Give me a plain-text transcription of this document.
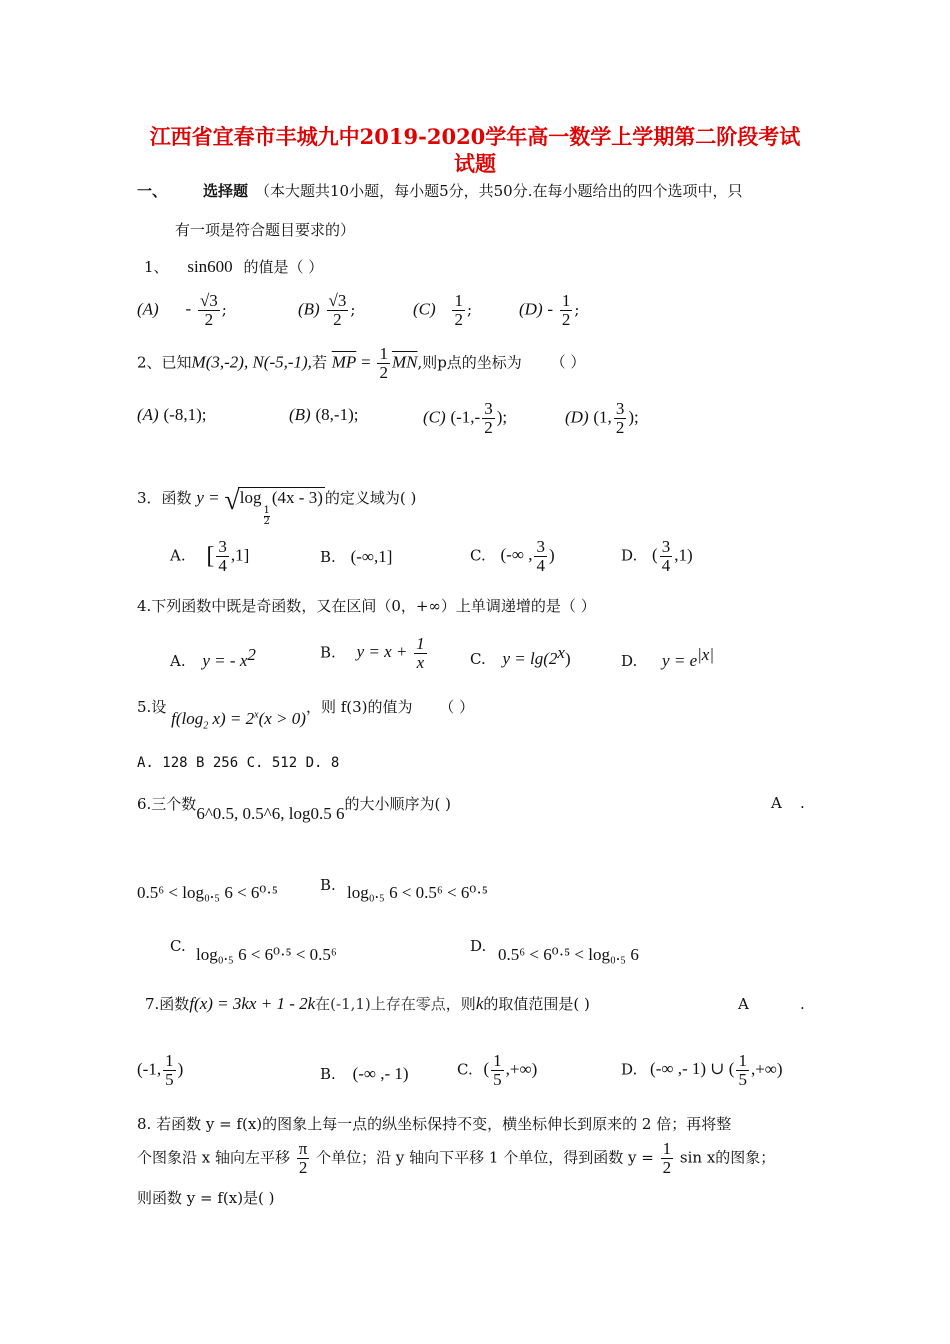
江西省宜春市丰城九中2019-2020学年高一数学上学期第二阶段考试
试题
一、 选择题 （本大题共10小题，每小题5分，共50分.在每小题给出的四个选项中，只
有一项是符合题目要求的）
1、 sin600 的值是（ ）
$(A) - \frac{√3}{2}$ ;	$(B) \frac{√3}{2}$ ;	$(C) \frac{1}{2}$ ;	$(D) - \frac{1}{2}$ ;
2、已知M(3,-2), N(-5,-1),若 $\overline{MP} = \frac{1}{2} \overline{MN}$,则p点的坐标为 （ ）
(A) (-8,1);	(B) (8,-1);	(C) ($-1,- \frac{3}{2}$ );	(D) (1, $\frac{3}{2}$ );
3．函数 y = √log
$\frac{1}{2}$
(4x - 3) 的定义域为( )
A. [ $\frac{3}{4} ,1$]	B. (-∞,1]	C. (-∞ , $\frac{3}{4}$ )	D. ( $\frac{3}{4} ,1$)
4.下列函数中既是奇函数，又在区间（0，+∞）上单调递增的是（ ）
A. y = - $x^2$	B. $y = x + \frac{1}{x}$	C. $y = \lg(2^x)$	D. $y = e^{|x|}$
5.设 $f(\log_2$ $x) = 2^x(x > 0)$，则 f(3)的值为 （ ）
A. 128 B 256 C. 512 D. 8
6.三个数6^0.5, 0.5^6, log0.5 6的大小顺序为( )	A .
0.5⁶ < log₀.₅ 6 < 6⁰·⁵	B. log₀.₅ 6 < 0.5⁶ < 6⁰·⁵
C. log₀.₅ 6 < 6⁰·⁵ < 0.5⁶	D. 0.5⁶ < 6⁰·⁵ < log₀.₅ 6
7.函数f(x) = 3kx + 1 - 2k在(-1,1)上存在零点，则k的取值范围是( )	A	.
(-1, $\frac{1}{5}$ )	B. (-∞ ,- 1)	C. ( $\frac{1}{5}$ ,+∞)	D. (-∞ ,- 1) ∪ ( $\frac{1}{5}$ ,+∞)
8. 若函数 y = f(x)的图象上每一点的纵坐标保持不变，横坐标伸长到原来的 2 倍；再将整
个图象沿 x 轴向左平移 $\frac{\pi}{2}$ 个单位；沿 y 轴向下平移 1 个单位，得到函数 $y = \frac{1}{2}$ sin x的图象；
则函数 y = f(x)是( )
